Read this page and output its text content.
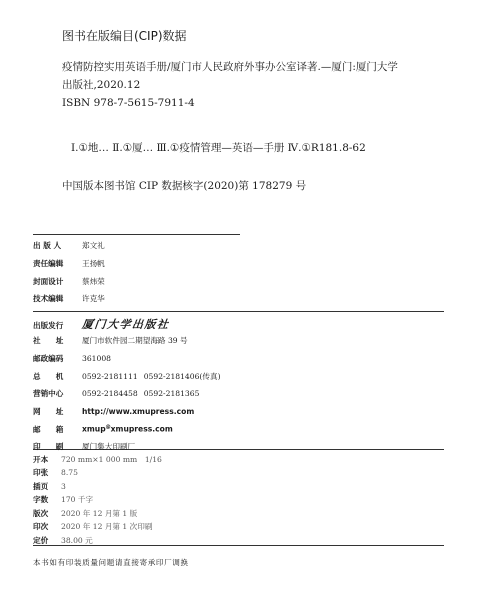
图书在版编目(CIP)数据
疫情防控实用英语手册/厦门市人民政府外事办公室译著.—厦门:厦门大学
出版社,2020.12
ISBN 978-7-5615-7911-4
Ⅰ.①地… Ⅱ.①厦… Ⅲ.①疫情管理—英语—手册 Ⅳ.①R181.8-62
中国版本图书馆 CIP 数据核字(2020)第 178279 号
出 版 人	郑文礼
责任编辑	王扬帆
封面设计	蔡炜荣
技术编辑	许克华
出版发行	厦门大学出版社
社　　址	厦门市软件园二期望海路 39 号
邮政编码	361008
总　　机	0592-2181111 0592-2181406(传真)
营销中心	0592-2184458 0592-2181365
网　　址	http://www.xmupress.com
邮　　箱	xmup@xmupress.com
印　　刷	厦门集大印刷厂
开本	720 mm×1 000 mm　1/16
印张	8.75
插页	3
字数	170 千字
版次	2020 年 12 月第 1 版
印次	2020 年 12 月第 1 次印刷
定价	38.00 元
本书如有印装质量问题请直接寄承印厂调换
